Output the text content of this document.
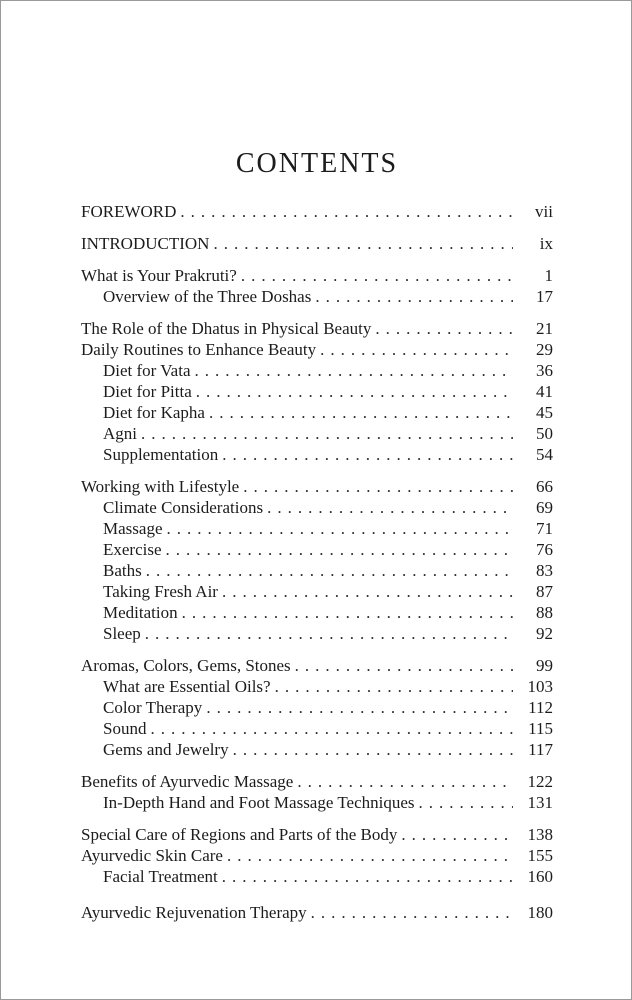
CONTENTS
FOREWORD .....	vii
INTRODUCTION .....	ix
What is Your Prakruti? .....	1
Overview of the Three Doshas .....	17
The Role of the Dhatus in Physical Beauty .....	21
Daily Routines to Enhance Beauty .....	29
Diet for Vata .....	36
Diet for Pitta .....	41
Diet for Kapha .....	45
Agni .....	50
Supplementation .....	54
Working with Lifestyle .....	66
Climate Considerations .....	69
Massage .....	71
Exercise .....	76
Baths .....	83
Taking Fresh Air .....	87
Meditation .....	88
Sleep .....	92
Aromas, Colors, Gems, Stones .....	99
What are Essential Oils? .....	103
Color Therapy .....	112
Sound .....	115
Gems and Jewelry .....	117
Benefits of Ayurvedic Massage .....	122
In-Depth Hand and Foot Massage Techniques .....	131
Special Care of Regions and Parts of the Body .....	138
Ayurvedic Skin Care .....	155
Facial Treatment .....	160
Ayurvedic Rejuvenation Therapy .....	180
